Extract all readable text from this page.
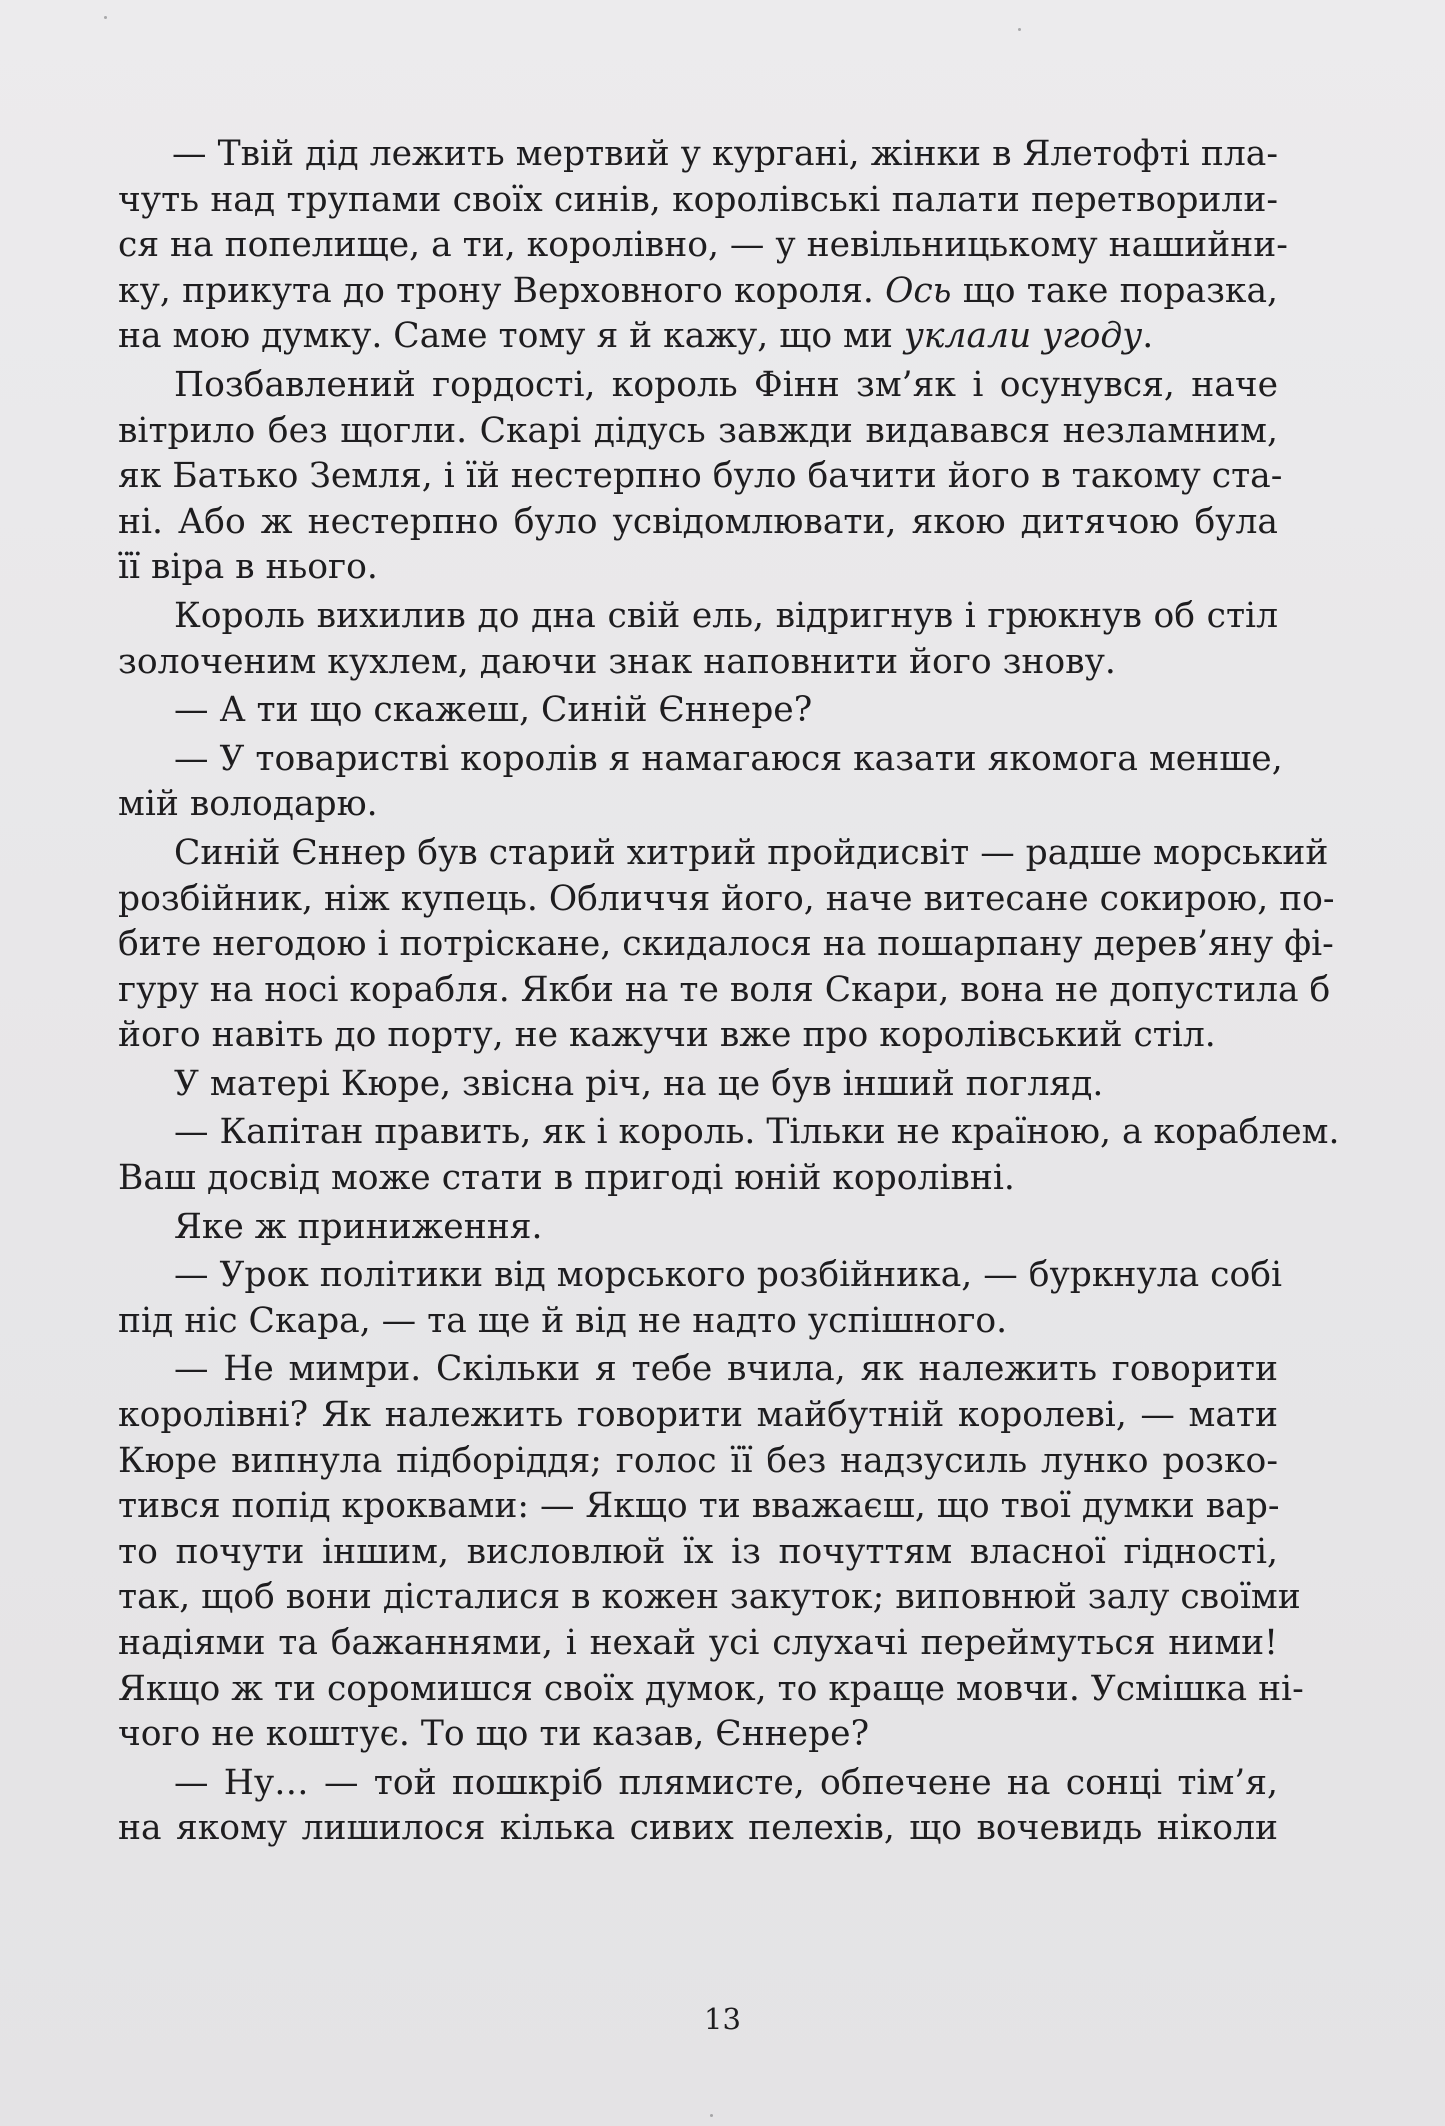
— Твій дід лежить мертвий у кургані, жінки в Ялетофті пла-
чуть над трупами своїх синів, королівські палати перетворили-
ся на попелище, а ти, королівно, — у невільницькому нашийни-
ку, прикута до трону Верховного короля. Ось що таке поразка,
на мою думку. Саме тому я й кажу, що ми уклали угоду.
Позбавлений гордості, король Фінн зм’як і осунувся, наче
вітрило без щогли. Скарі дідусь завжди видавався незламним,
як Батько Земля, і їй нестерпно було бачити його в такому ста-
ні. Або ж нестерпно було усвідомлювати, якою дитячою була
її віра в нього.
Король вихилив до дна свій ель, відригнув і грюкнув об стіл
золоченим кухлем, даючи знак наповнити його знову.
— А ти що скажеш, Синій Єннере?
— У товаристві королів я намагаюся казати якомога менше,
мій володарю.
Синій Єннер був старий хитрий пройдисвіт — радше морський
розбійник, ніж купець. Обличчя його, наче витесане сокирою, по-
бите негодою і потріскане, скидалося на пошарпану дерев’яну фі-
гуру на носі корабля. Якби на те воля Скари, вона не допустила б
його навіть до порту, не кажучи вже про королівський стіл.
У матері Кюре, звісна річ, на це був інший погляд.
— Капітан править, як і король. Тільки не країною, а кораблем.
Ваш досвід може стати в пригоді юній королівні.
Яке ж приниження.
— Урок політики від морського розбійника, — буркнула собі
під ніс Скара, — та ще й від не надто успішного.
— Не мимри. Скільки я тебе вчила, як належить говорити
королівні? Як належить говорити майбутній королеві, — мати
Кюре випнула підборіддя; голос її без надзусиль лунко розко-
тився попід кроквами: — Якщо ти вважаєш, що твої думки вар-
то почути іншим, висловлюй їх із почуттям власної гідності,
так, щоб вони дісталися в кожен закуток; виповнюй залу своїми
надіями та бажаннями, і нехай усі слухачі переймуться ними!
Якщо ж ти соромишся своїх думок, то краще мовчи. Усмішка ні-
чого не коштує. То що ти казав, Єннере?
— Ну… — той пошкріб плямисте, обпечене на сонці тім’я,
на якому лишилося кілька сивих пелехів, що вочевидь ніколи
13
